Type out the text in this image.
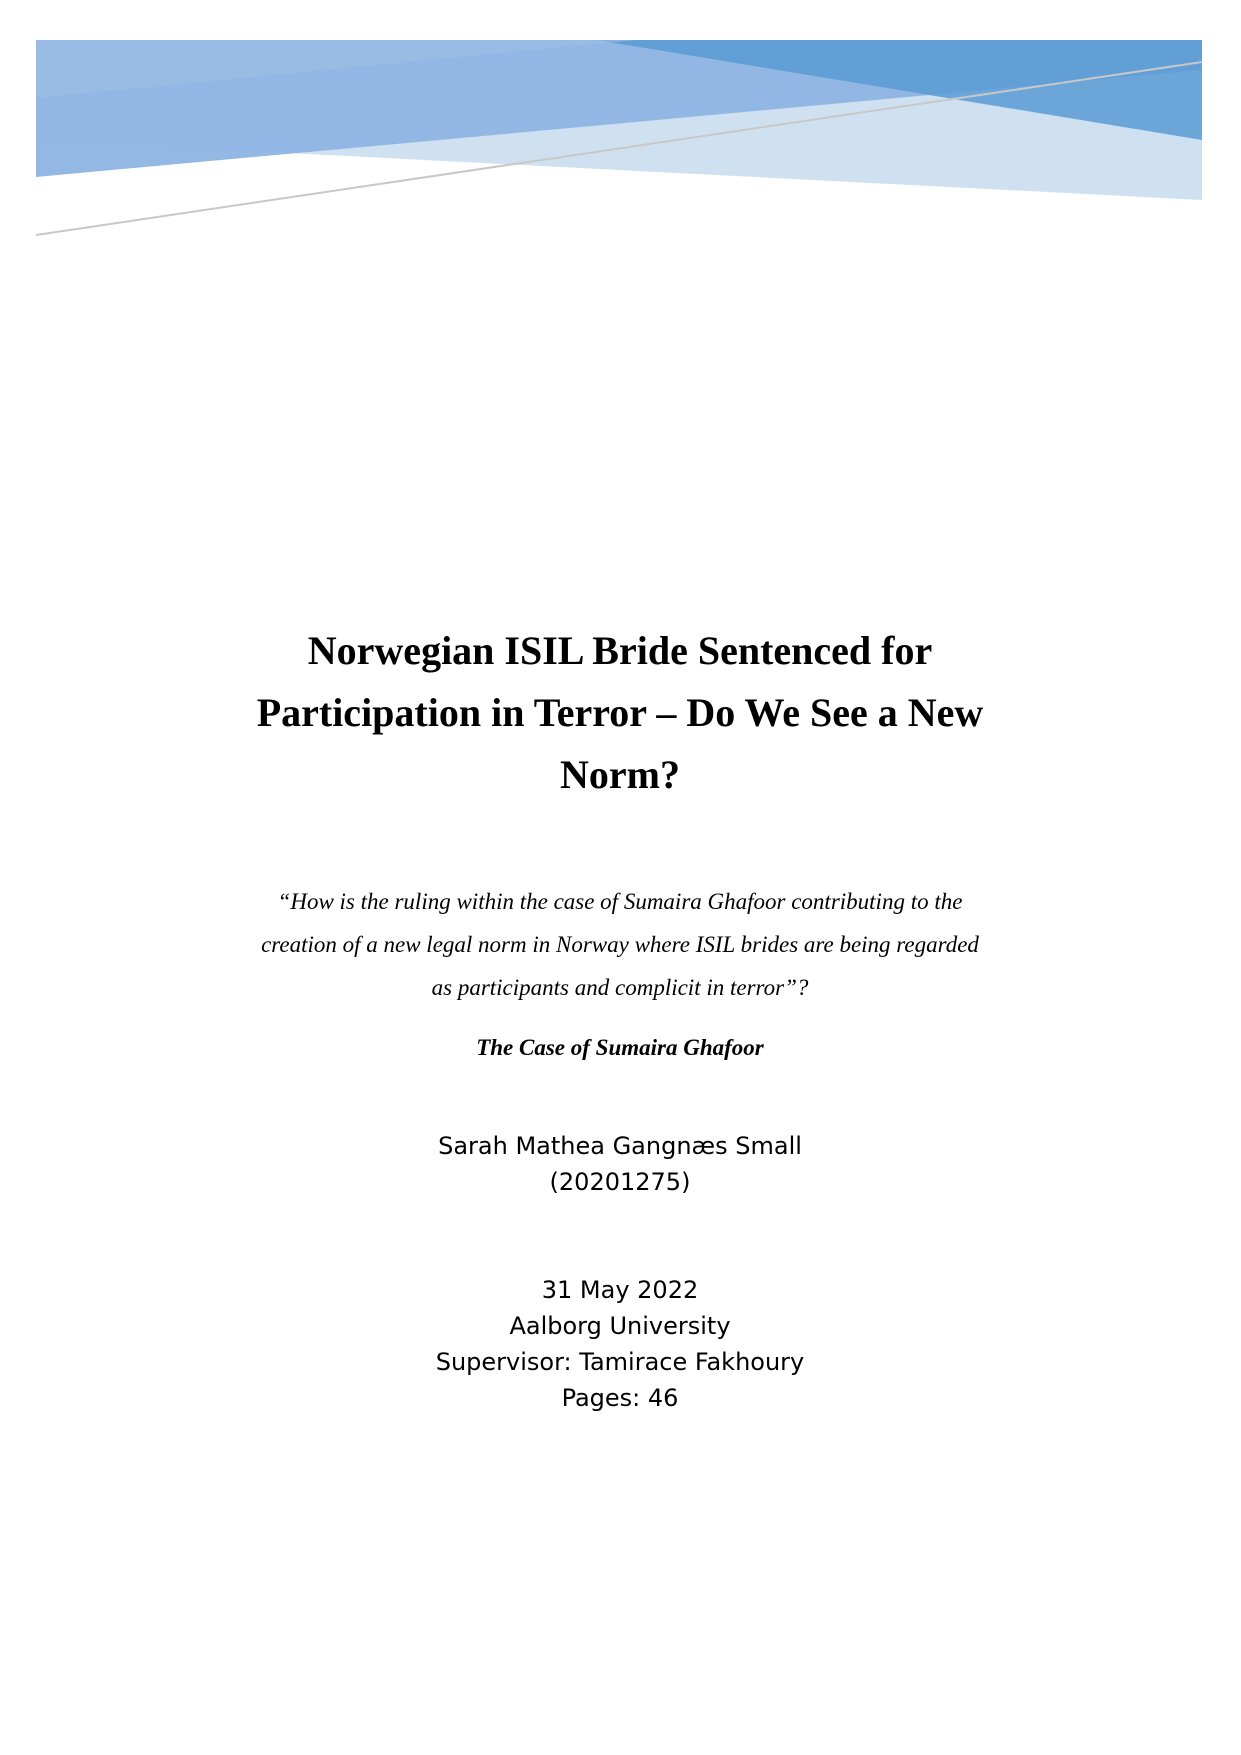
Norwegian ISIL Bride Sentenced for
Participation in Terror – Do We See a New
Norm?

“How is the ruling within the case of Sumaira Ghafoor contributing to the
creation of a new legal norm in Norway where ISIL brides are being regarded
as participants and complicit in terror”?

The Case of Sumaira Ghafoor

Sarah Mathea Gangnæs Small
(20201275)
31 May 2022
Aalborg University
Supervisor: Tamirace Fakhoury
Pages: 46
